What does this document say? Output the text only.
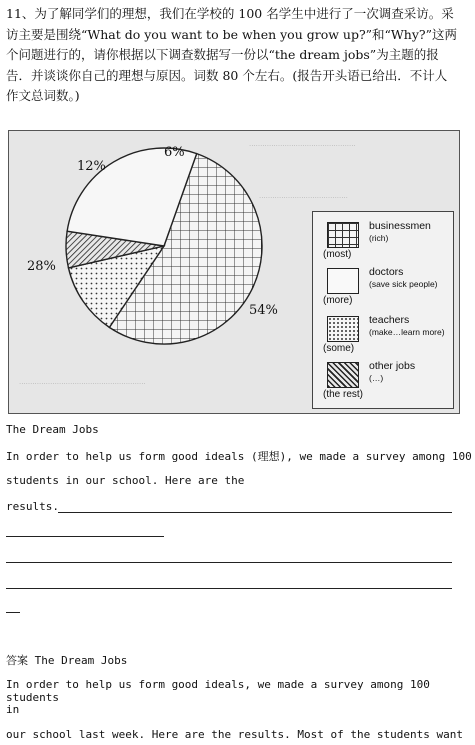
11、为了解同学们的理想，我们在学校的 100 名学生中进行了一次调查采访。采
访主要是围绕“What do you want to be when you grow up?”和“Why?”这两
个问题进行的，请你根据以下调查数据写一份以“the dream jobs”为主题的报
告．并谈谈你自己的理想与原因。词数 80 个左右。(报告开头语已给出．不计人
作文总词数。)
................................................
........................................
.........................................................
6%
12%
28%
54%
businessmen
(rich)
(most)
doctors
(save sick people)
(more)
teachers
(make…learn more)
(some)
other jobs
(…)
(the rest)
The Dream Jobs
In order to help us form good ideals (理想), we made a survey among 100
students in our school. Here are the
results.
答案 The Dream Jobs
In order to help us form good ideals, we made a survey among 100 students
in
our school last week. Here are the results. Most of the students want
